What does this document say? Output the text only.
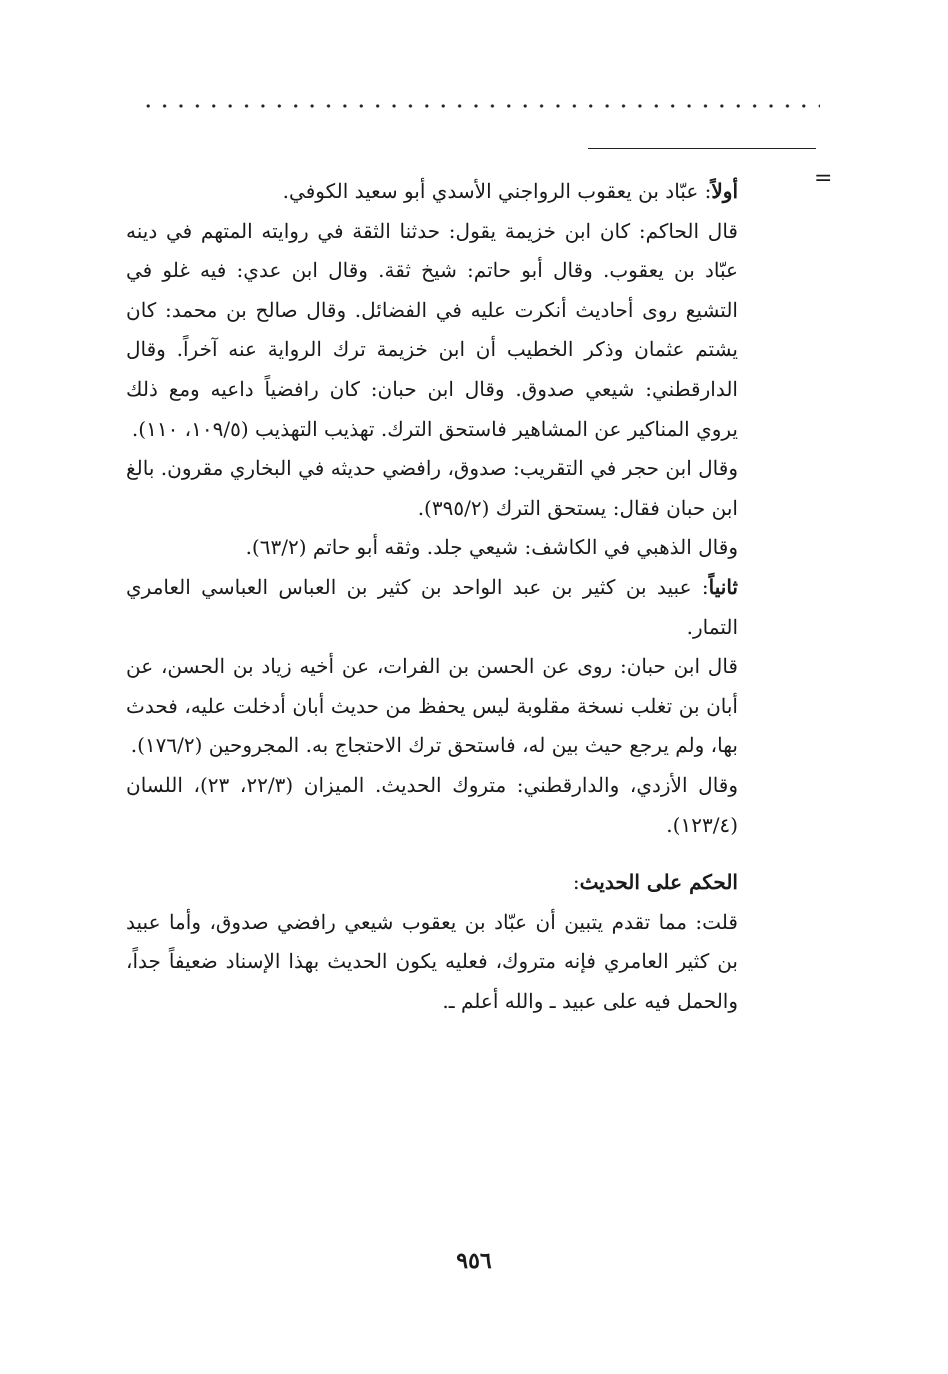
=

أولاً: عبّاد بن يعقوب الرواجني الأسدي أبو سعيد الكوفي.

قال الحاكم: كان ابن خزيمة يقول: حدثنا الثقة في روايته المتهم في دينه عبّاد بن يعقوب. وقال أبو حاتم: شيخ ثقة. وقال ابن عدي: فيه غلو في التشيع روى أحاديث أنكرت عليه في الفضائل. وقال صالح بن محمد: كان يشتم عثمان وذكر الخطيب أن ابن خزيمة ترك الرواية عنه آخراً. وقال الدارقطني: شيعي صدوق. وقال ابن حبان: كان رافضياً داعيه ومع ذلك يروي المناكير عن المشاهير فاستحق الترك. تهذيب التهذيب (١٠٩/٥، ١١٠).

وقال ابن حجر في التقريب: صدوق، رافضي حديثه في البخاري مقرون. بالغ ابن حبان فقال: يستحق الترك (٣٩٥/٢).

وقال الذهبي في الكاشف: شيعي جلد. وثقه أبو حاتم (٦٣/٢).

ثانياً: عبيد بن كثير بن عبد الواحد بن كثير بن العباس العباسي العامري التمار.

قال ابن حبان: روى عن الحسن بن الفرات، عن أخيه زياد بن الحسن، عن أبان بن تغلب نسخة مقلوبة ليس يحفظ من حديث أبان أدخلت عليه، فحدث بها، ولم يرجع حيث بين له، فاستحق ترك الاحتجاج به. المجروحين (١٧٦/٢).

وقال الأزدي، والدارقطني: متروك الحديث. الميزان (٢٢/٣، ٢٣)، اللسان (١٢٣/٤).

الحكم على الحديث:

قلت: مما تقدم يتبين أن عبّاد بن يعقوب شيعي رافضي صدوق، وأما عبيد بن كثير العامري فإنه متروك، فعليه يكون الحديث بهذا الإسناد ضعيفاً جداً، والحمل فيه على عبيد ـ والله أعلم ـ.

٩٥٦
